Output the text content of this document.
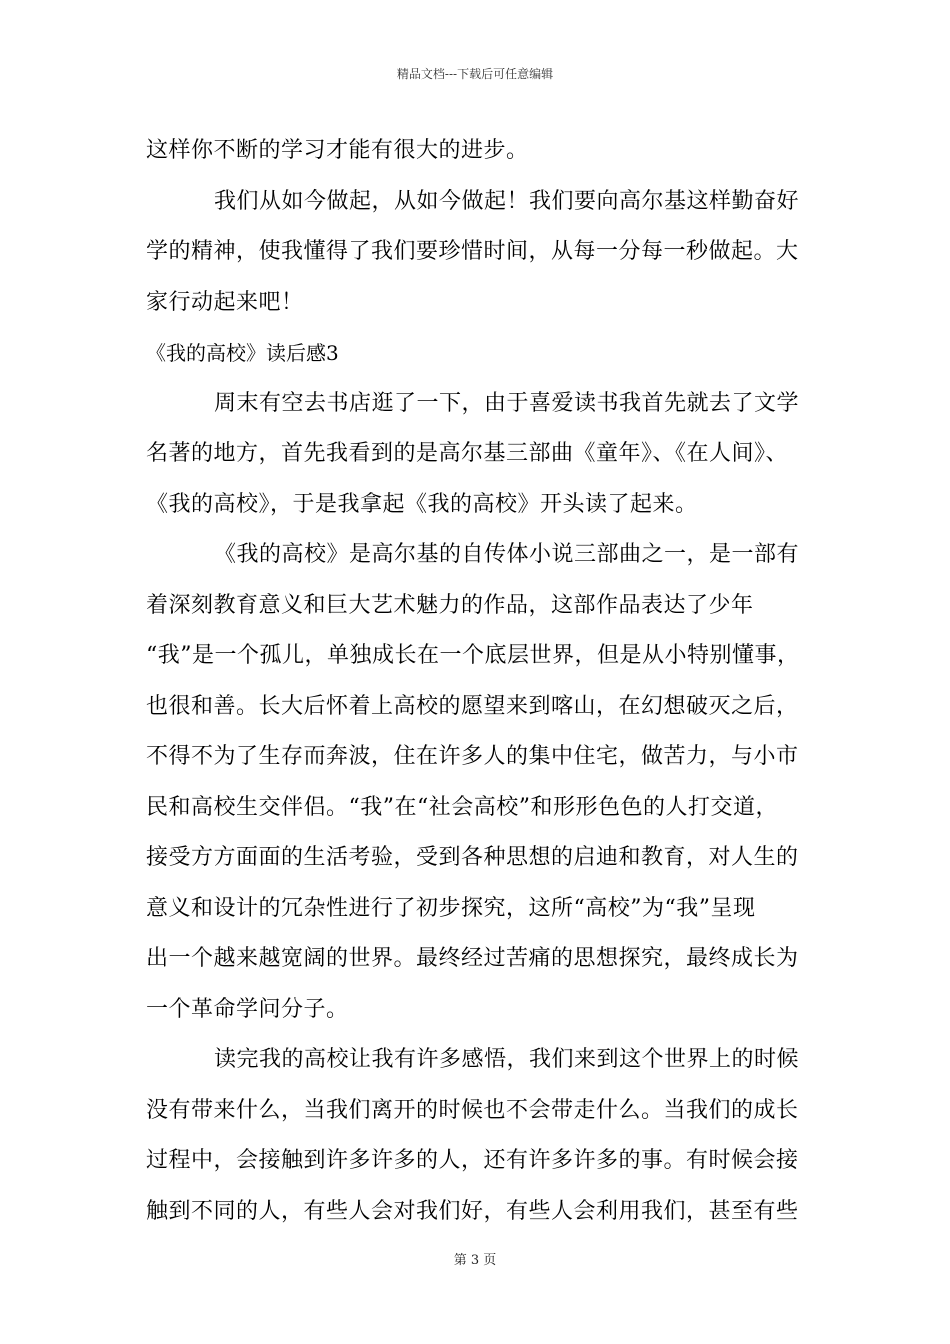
精品文档---下载后可任意编辑
这样你不断的学习才能有很大的进步。
我们从如今做起，从如今做起！我们要向高尔基这样勤奋好
学的精神，使我懂得了我们要珍惜时间，从每一分每一秒做起。大
家行动起来吧！
《我的高校》读后感3
周末有空去书店逛了一下，由于喜爱读书我首先就去了文学
名著的地方，首先我看到的是高尔基三部曲《童年》、《在人间》、
《我的高校》，于是我拿起《我的高校》开头读了起来。
《我的高校》是高尔基的自传体小说三部曲之一，是一部有
着深刻教育意义和巨大艺术魅力的作品，这部作品表达了少年
“我”是一个孤儿，单独成长在一个底层世界，但是从小特别懂事，
也很和善。长大后怀着上高校的愿望来到喀山，在幻想破灭之后，
不得不为了生存而奔波，住在许多人的集中住宅，做苦力，与小市
民和高校生交伴侣。“我”在“社会高校”和形形色色的人打交道，
接受方方面面的生活考验，受到各种思想的启迪和教育，对人生的
意义和设计的冗杂性进行了初步探究，这所“高校”为“我”呈现
出一个越来越宽阔的世界。最终经过苦痛的思想探究，最终成长为
一个革命学问分子。
读完我的高校让我有许多感悟，我们来到这个世界上的时候
没有带来什么，当我们离开的时候也不会带走什么。当我们的成长
过程中，会接触到许多许多的人，还有许多许多的事。有时候会接
触到不同的人，有些人会对我们好，有些人会利用我们，甚至有些
第 3 页
